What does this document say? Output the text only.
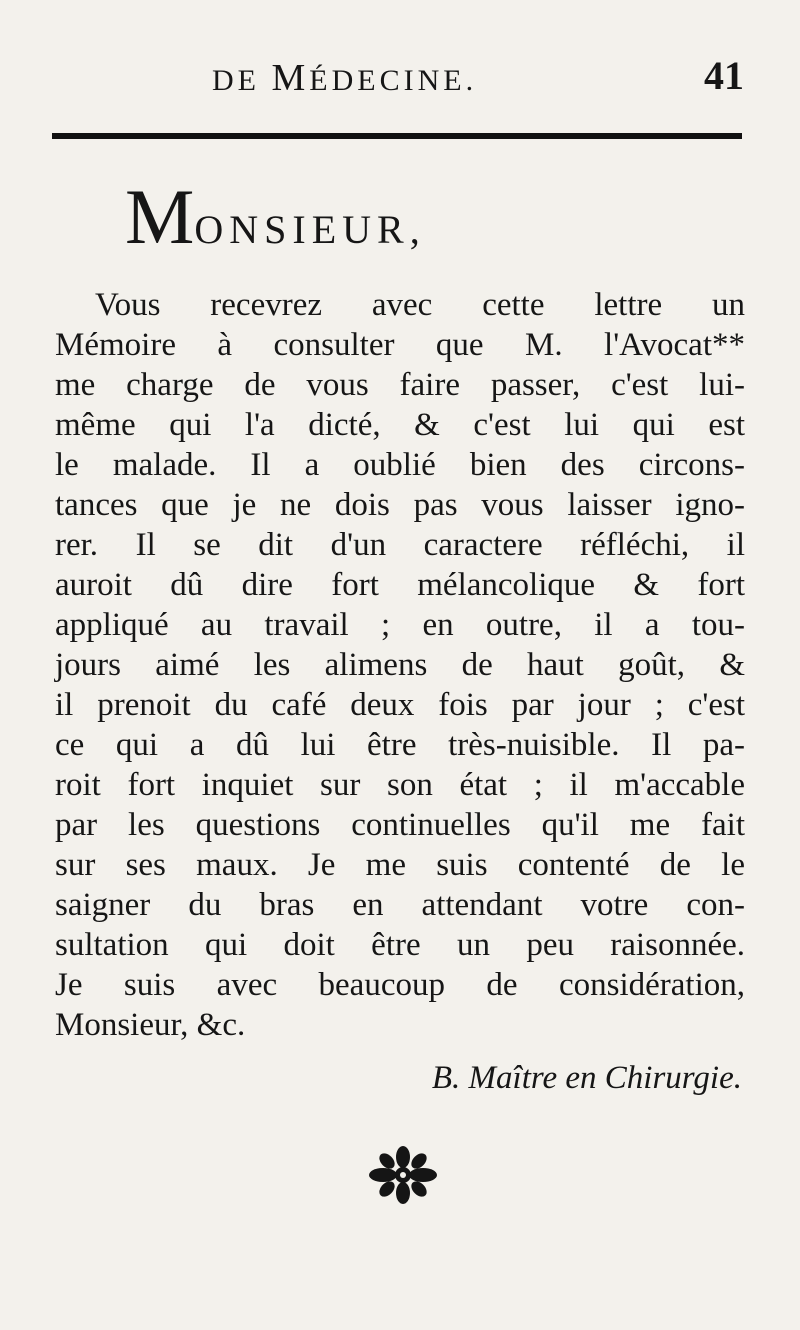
DE MÉDECINE.	41
MONSIEUR,
Vous recevrez avec cette lettre un
Mémoire à consulter que M. l'Avocat**
me charge de vous faire passer, c'est lui-
même qui l'a dicté, & c'est lui qui est
le malade. Il a oublié bien des circons-
tances que je ne dois pas vous laisser igno-
rer. Il se dit d'un caractere réfléchi, il
auroit dû dire fort mélancolique & fort
appliqué au travail ; en outre, il a tou-
jours aimé les alimens de haut goût, &
il prenoit du café deux fois par jour ; c'est
ce qui a dû lui être très-nuisible. Il pa-
roit fort inquiet sur son état ; il m'accable
par les questions continuelles qu'il me fait
sur ses maux. Je me suis contenté de le
saigner du bras en attendant votre con-
sultation qui doit être un peu raisonnée.
Je suis avec beaucoup de considération,
Monsieur, &c.
B. Maître en Chirurgie.
